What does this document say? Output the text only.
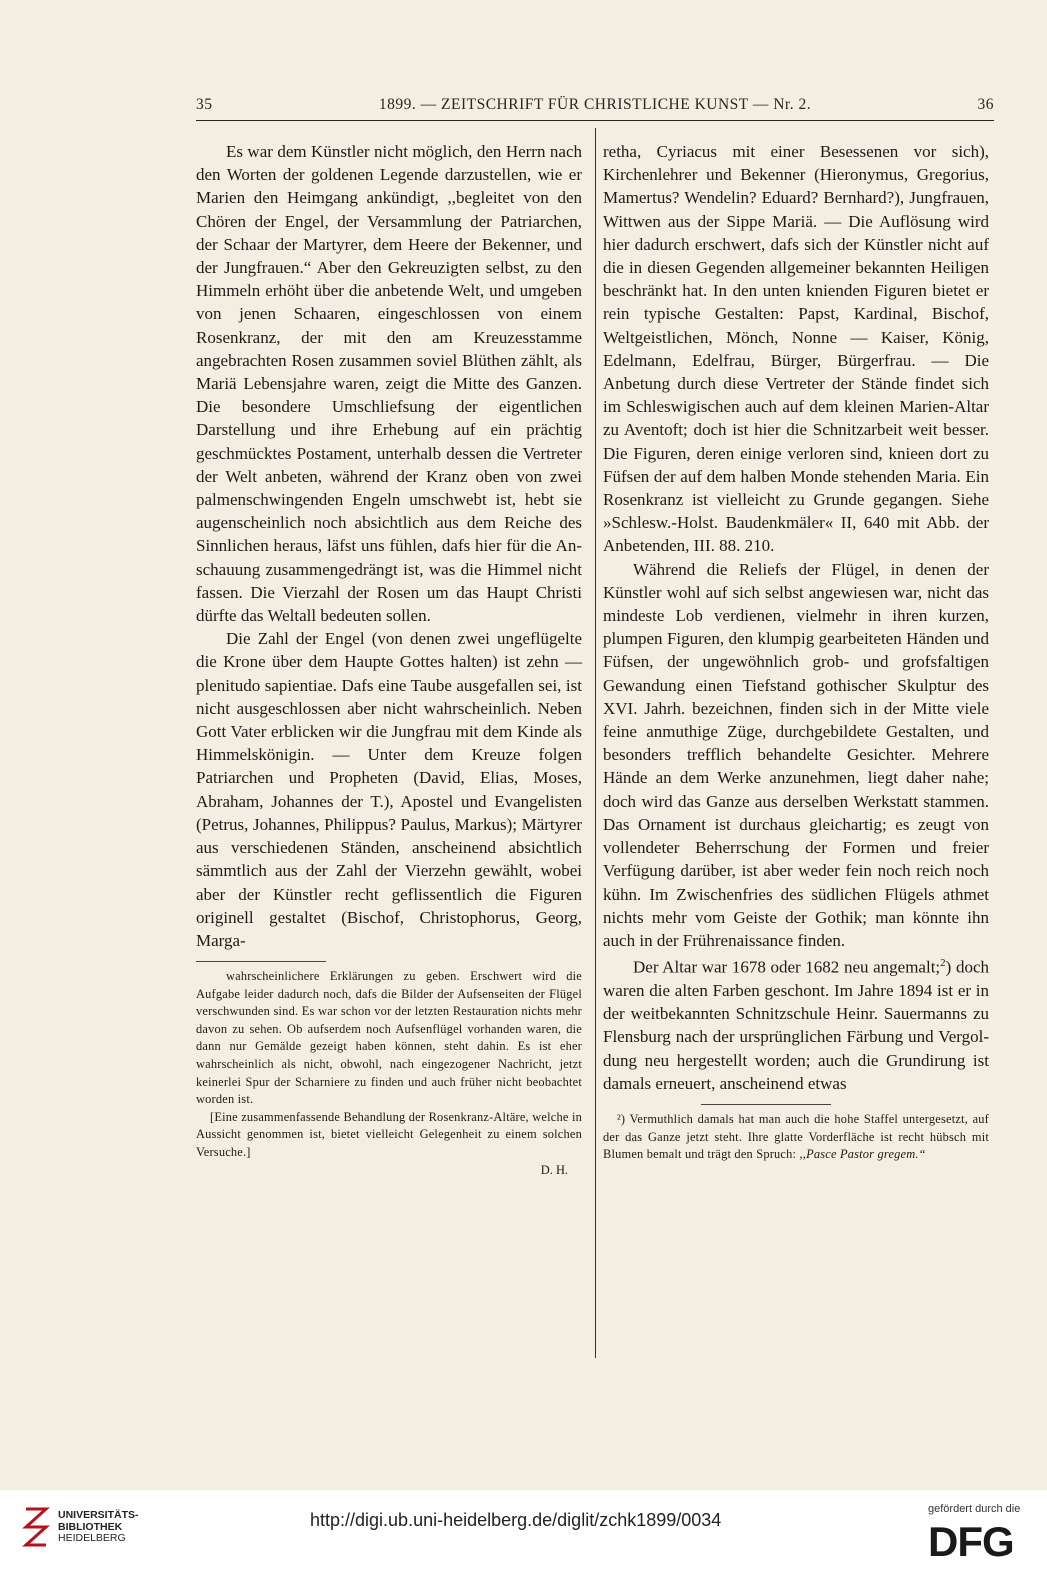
35	1899. — ZEITSCHRIFT FÜR CHRISTLICHE KUNST — Nr. 2.	36

Es war dem Künstler nicht möglich, den Herrn nach den Worten der goldenen Legende darzustellen, wie er Marien den Heimgang ankündigt, ,,begleitet von den Chören der Engel, der Versammlung der Patriarchen, der Schaar der Martyrer, dem Heere der Bekenner, und der Jungfrauen.“ Aber den Gekreuzigten selbst, zu den Himmeln erhöht über die anbetende Welt, und umgeben von jenen Schaaren, eingeschlossen von einem Rosenkranz, der mit den am Kreuzesstamme angebrachten Rosen zusammen soviel Blüthen zählt, als Mariä Lebensjahre waren, zeigt die Mitte des Ganzen. Die besondere Umschliefsung der eigentlichen Darstellung und ihre Erhebung auf ein prächtig geschmücktes Postament, unterhalb dessen die Vertreter der Welt anbeten, während der Kranz oben von zwei palmenschwingenden Engeln umschwebt ist, hebt sie augenscheinlich noch absichtlich aus dem Reiche des Sinnlichen heraus, läfst uns fühlen, dafs hier für die Anschauung zusammengedrängt ist, was die Himmel nicht fassen. Die Vierzahl der Rosen um das Haupt Christi dürfte das Weltall bedeuten sollen.

Die Zahl der Engel (von denen zwei ungeflügelte die Krone über dem Haupte Gottes halten) ist zehn — plenitudo sapientiae. Dafs eine Taube ausgefallen sei, ist nicht ausgeschlossen aber nicht wahrscheinlich. Neben Gott Vater erblicken wir die Jungfrau mit dem Kinde als Himmelskönigin. — Unter dem Kreuze folgen Patriarchen und Propheten (David, Elias, Moses, Abraham, Johannes der T.), Apostel und Evangelisten (Petrus, Johannes, Philippus? Paulus, Markus); Märtyrer aus verschiedenen Ständen, anscheinend absichtlich sämmtlich aus der Zahl der Vierzehn gewählt, wobei aber der Künstler recht geflissentlich die Figuren originell gestaltet (Bischof, Christophorus, Georg, Marga-

wahrscheinlichere Erklärungen zu geben. Erschwert wird die Aufgabe leider dadurch noch, dafs die Bilder der Aufsenseiten der Flügel verschwunden sind. Es war schon vor der letzten Restauration nichts mehr davon zu sehen. Ob aufserdem noch Aufsenflügel vorhanden waren, die dann nur Gemälde gezeigt haben können, steht dahin. Es ist eher wahrscheinlich als nicht, obwohl, nach eingezogener Nachricht, jetzt keinerlei Spur der Scharniere zu finden und auch früher nicht beobachtet worden ist.

[Eine zusammenfassende Behandlung der Rosenkranz-Altäre, welche in Aussicht genommen ist, bietet vielleicht Gelegenheit zu einem solchen Versuche.]

D. H.

retha, Cyriacus mit einer Besessenen vor sich), Kirchenlehrer und Bekenner (Hieronymus, Gregorius, Mamertus? Wendelin? Eduard? Bernhard?), Jungfrauen, Wittwen aus der Sippe Mariä. — Die Auflösung wird hier dadurch erschwert, dafs sich der Künstler nicht auf die in diesen Gegenden allgemeiner bekannten Heiligen beschränkt hat. In den unten knienden Figuren bietet er rein typische Gestalten: Papst, Kardinal, Bischof, Weltgeistlichen, Mönch, Nonne — Kaiser, König, Edelmann, Edelfrau, Bürger, Bürgerfrau. — Die Anbetung durch diese Vertreter der Stände findet sich im Schleswigischen auch auf dem kleinen Marien-Altar zu Aventoft; doch ist hier die Schnitzarbeit weit besser. Die Figuren, deren einige verloren sind, knieen dort zu Füfsen der auf dem halben Monde stehenden Maria. Ein Rosenkranz ist vielleicht zu Grunde gegangen. Siehe »Schlesw.-Holst. Baudenkmäler« II, 640 mit Abb. der Anbetenden, III. 88. 210.

Während die Reliefs der Flügel, in denen der Künstler wohl auf sich selbst angewiesen war, nicht das mindeste Lob verdienen, vielmehr in ihren kurzen, plumpen Figuren, den klumpig gearbeiteten Händen und Füfsen, der ungewöhnlich grob- und grofsfaltigen Gewandung einen Tiefstand gothischer Skulptur des XVI. Jahrh. bezeichnen, finden sich in der Mitte viele feine anmuthige Züge, durchgebildete Gestalten, und besonders trefflich behandelte Gesichter. Mehrere Hände an dem Werke anzunehmen, liegt daher nahe; doch wird das Ganze aus derselben Werkstatt stammen. Das Ornament ist durchaus gleichartig; es zeugt von vollendeter Beherrschung der Formen und freier Verfügung darüber, ist aber weder fein noch reich noch kühn. Im Zwischenfries des südlichen Flügels athmet nichts mehr vom Geiste der Gothik; man könnte ihn auch in der Frührenaissance finden.

Der Altar war 1678 oder 1682 neu angemalt;$^2$) doch waren die alten Farben geschont. Im Jahre 1894 ist er in der weitbekannten Schnitzschule Heinr. Sauermanns zu Flensburg nach der ursprünglichen Färbung und Vergoldung neu hergestellt worden; auch die Grundirung ist damals erneuert, anscheinend etwas

²) Vermuthlich damals hat man auch die hohe Staffel untergesetzt, auf der das Ganze jetzt steht. Ihre glatte Vorderfläche ist recht hübsch mit Blumen bemalt und trägt den Spruch: ,,Pasce Pastor gregem.“

UNIVERSITÄTS-
BIBLIOTHEK
HEIDELBERG
http://digi.ub.uni-heidelberg.de/diglit/zchk1899/0034
gefördert durch die
DFG
